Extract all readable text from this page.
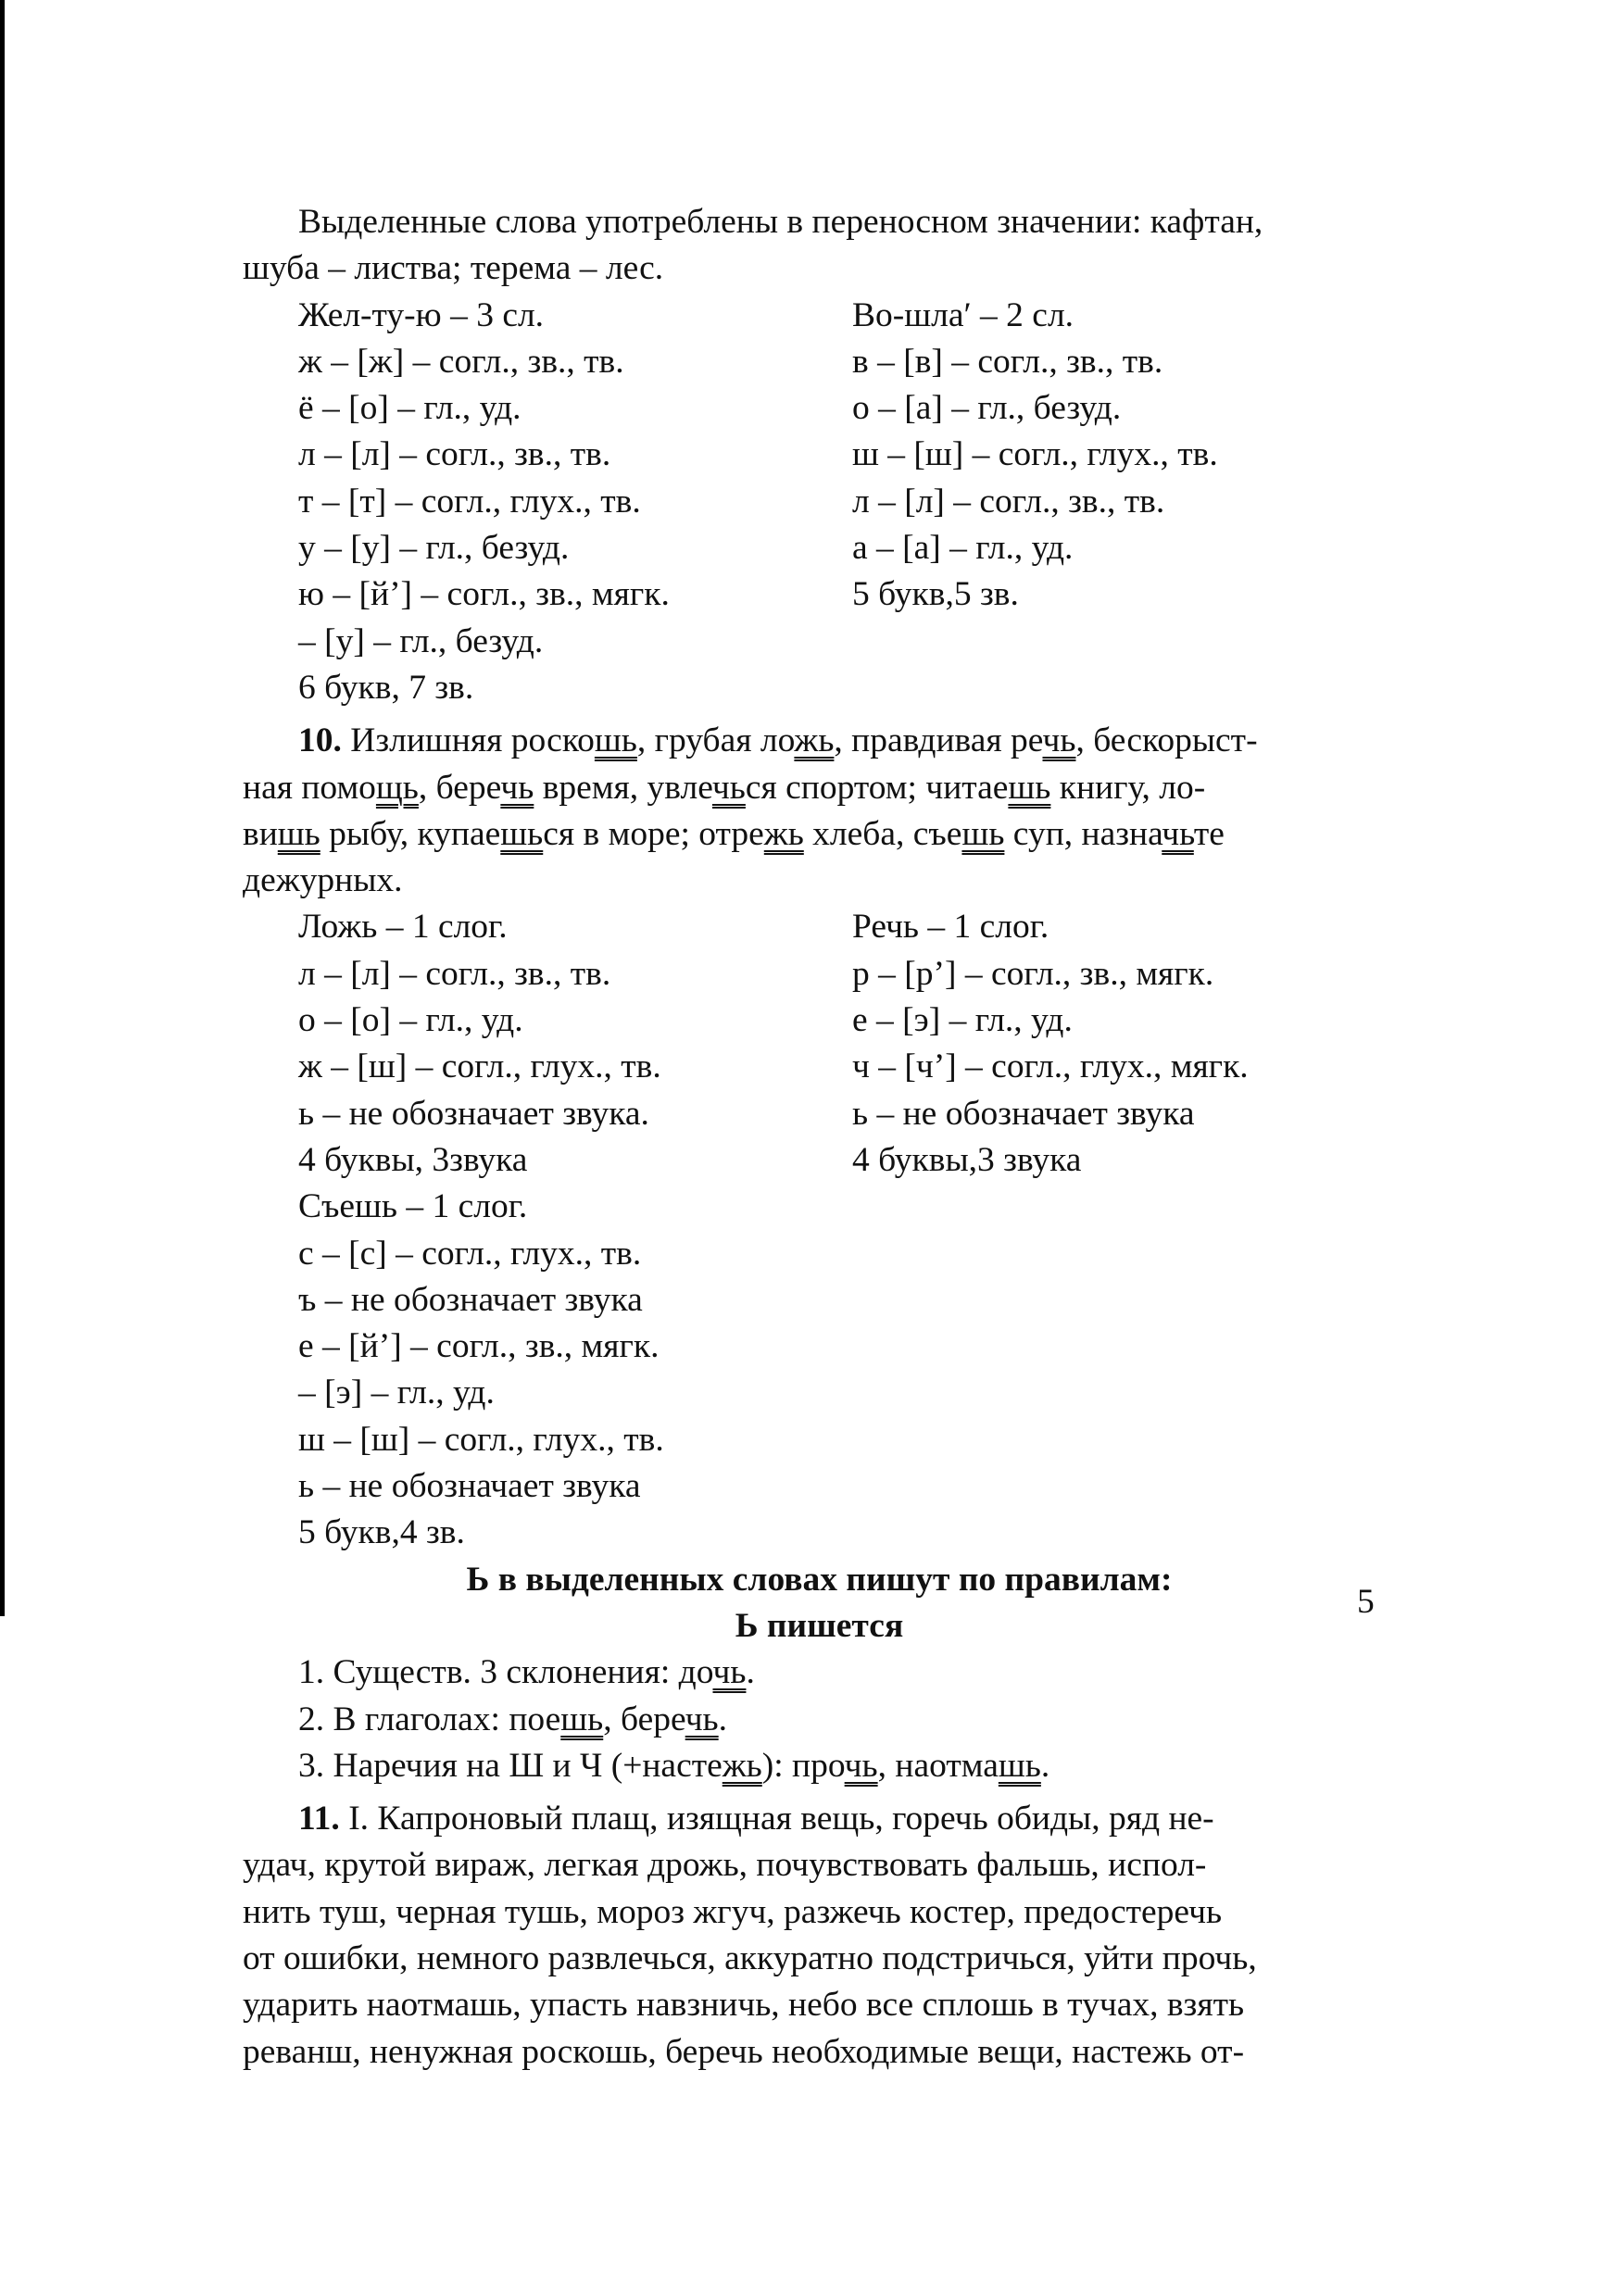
Выделенные слова употреблены в переносном значении: кафтан,

шуба – листва; терема – лес.

Жел-ту-ю – 3 сл.	Во-шла′ – 2 сл.

ж – [ж] – согл., зв., тв.	в – [в] – согл., зв., тв.

ё – [о] – гл., уд.	о – [а] – гл., безуд.

л – [л] – согл., зв., тв.	ш – [ш] – согл., глух., тв.

т – [т] – согл., глух., тв.	л – [л] – согл., зв., тв.

у – [у] – гл., безуд.	а – [а] – гл., уд.

ю – [й’] – согл., зв., мягк.	5 букв,5 зв.

– [у] – гл., безуд.

6 букв, 7 зв.

10. Излишняя роскошь, грубая ложь, правдивая речь, бескорыст-

ная помощь, беречь время, увлечься спортом; читаешь книгу, ло-

вишь рыбу, купаешься в море; отрежь хлеба, съешь суп, назначьте

дежурных.

Ложь – 1 слог.	Речь – 1 слог.

л – [л] – согл., зв., тв.	р – [р’] – согл., зв., мягк.

о – [о] – гл., уд.	е – [э] – гл., уд.

ж – [ш] – согл., глух., тв.	ч – [ч’] – согл., глух., мягк.

ь – не обозначает звука.	ь – не обозначает звука

4 буквы, 3звука	4 буквы,3 звука

Съешь – 1 слог.

с – [с] – согл., глух., тв.

ъ – не обозначает звука

е – [й’] – согл., зв., мягк.

– [э] – гл., уд.

ш – [ш] – согл., глух., тв.

ь – не обозначает звука

5 букв,4 зв.

Ь в выделенных словах пишут по правилам:

Ь пишется

1. Существ. 3 склонения: дочь.

2. В глаголах: поешь, беречь.

3. Наречия на Ш и Ч (+настежь): прочь, наотмашь.

11. I. Капроновый плащ, изящная вещь, горечь обиды, ряд не-

удач, крутой вираж, легкая дрожь, почувствовать фальшь, испол-

нить туш, черная тушь, мороз жгуч, разжечь костер, предостеречь

от ошибки, немного развлечься, аккуратно подстричься, уйти прочь,

ударить наотмашь, упасть навзничь, небо все сплошь в тучах, взять

реванш, ненужная роскошь, беречь необходимые вещи, настежь от-

5
